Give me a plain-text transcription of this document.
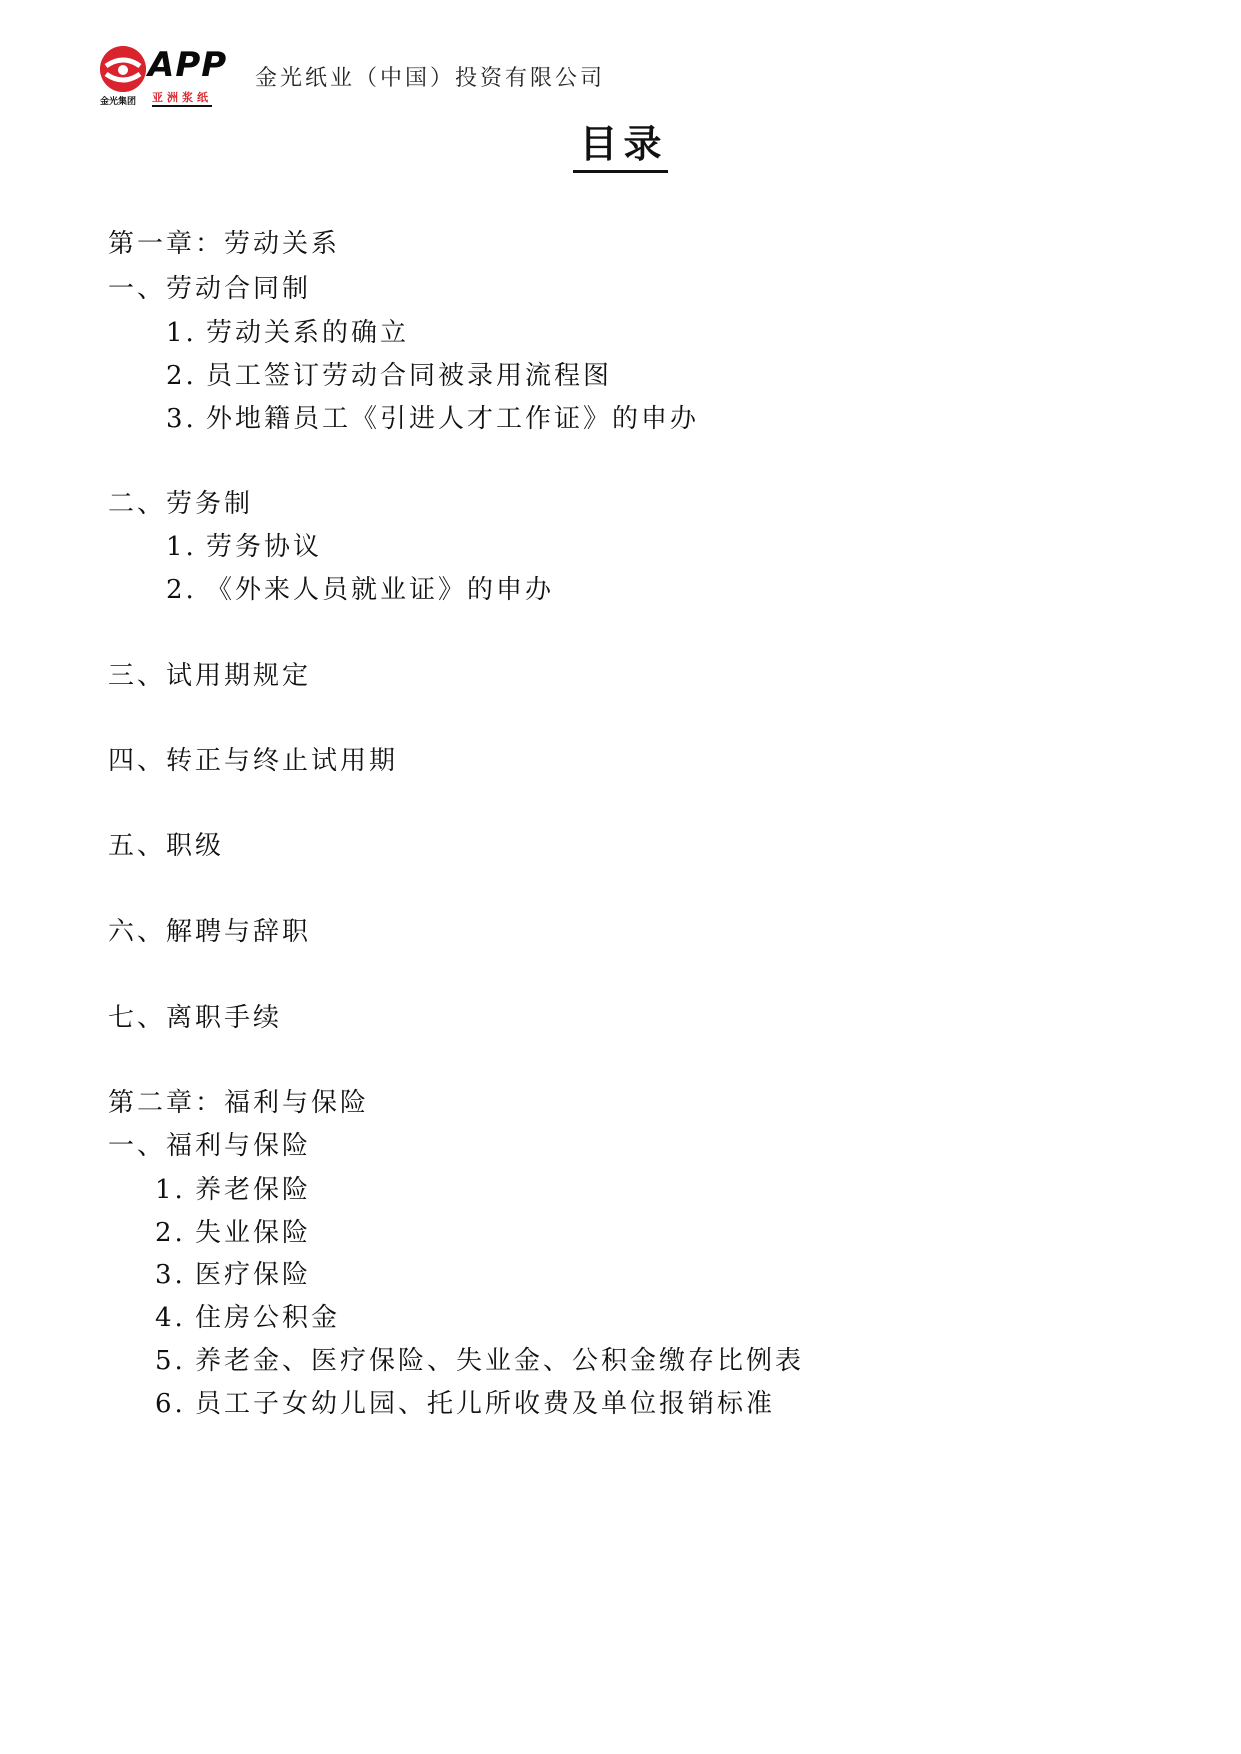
APP
金光集团 亚洲浆纸
金光纸业（中国）投资有限公司
目录
第一章：劳动关系
一、劳动合同制
1. 劳动关系的确立
2. 员工签订劳动合同被录用流程图
3. 外地籍员工《引进人才工作证》的申办
二、劳务制
1. 劳务协议
2. 《外来人员就业证》的申办
三、试用期规定
四、转正与终止试用期
五、职级
六、解聘与辞职
七、离职手续
第二章：福利与保险
一、福利与保险
1. 养老保险
2. 失业保险
3. 医疗保险
4. 住房公积金
5. 养老金、医疗保险、失业金、公积金缴存比例表
6. 员工子女幼儿园、托儿所收费及单位报销标准
